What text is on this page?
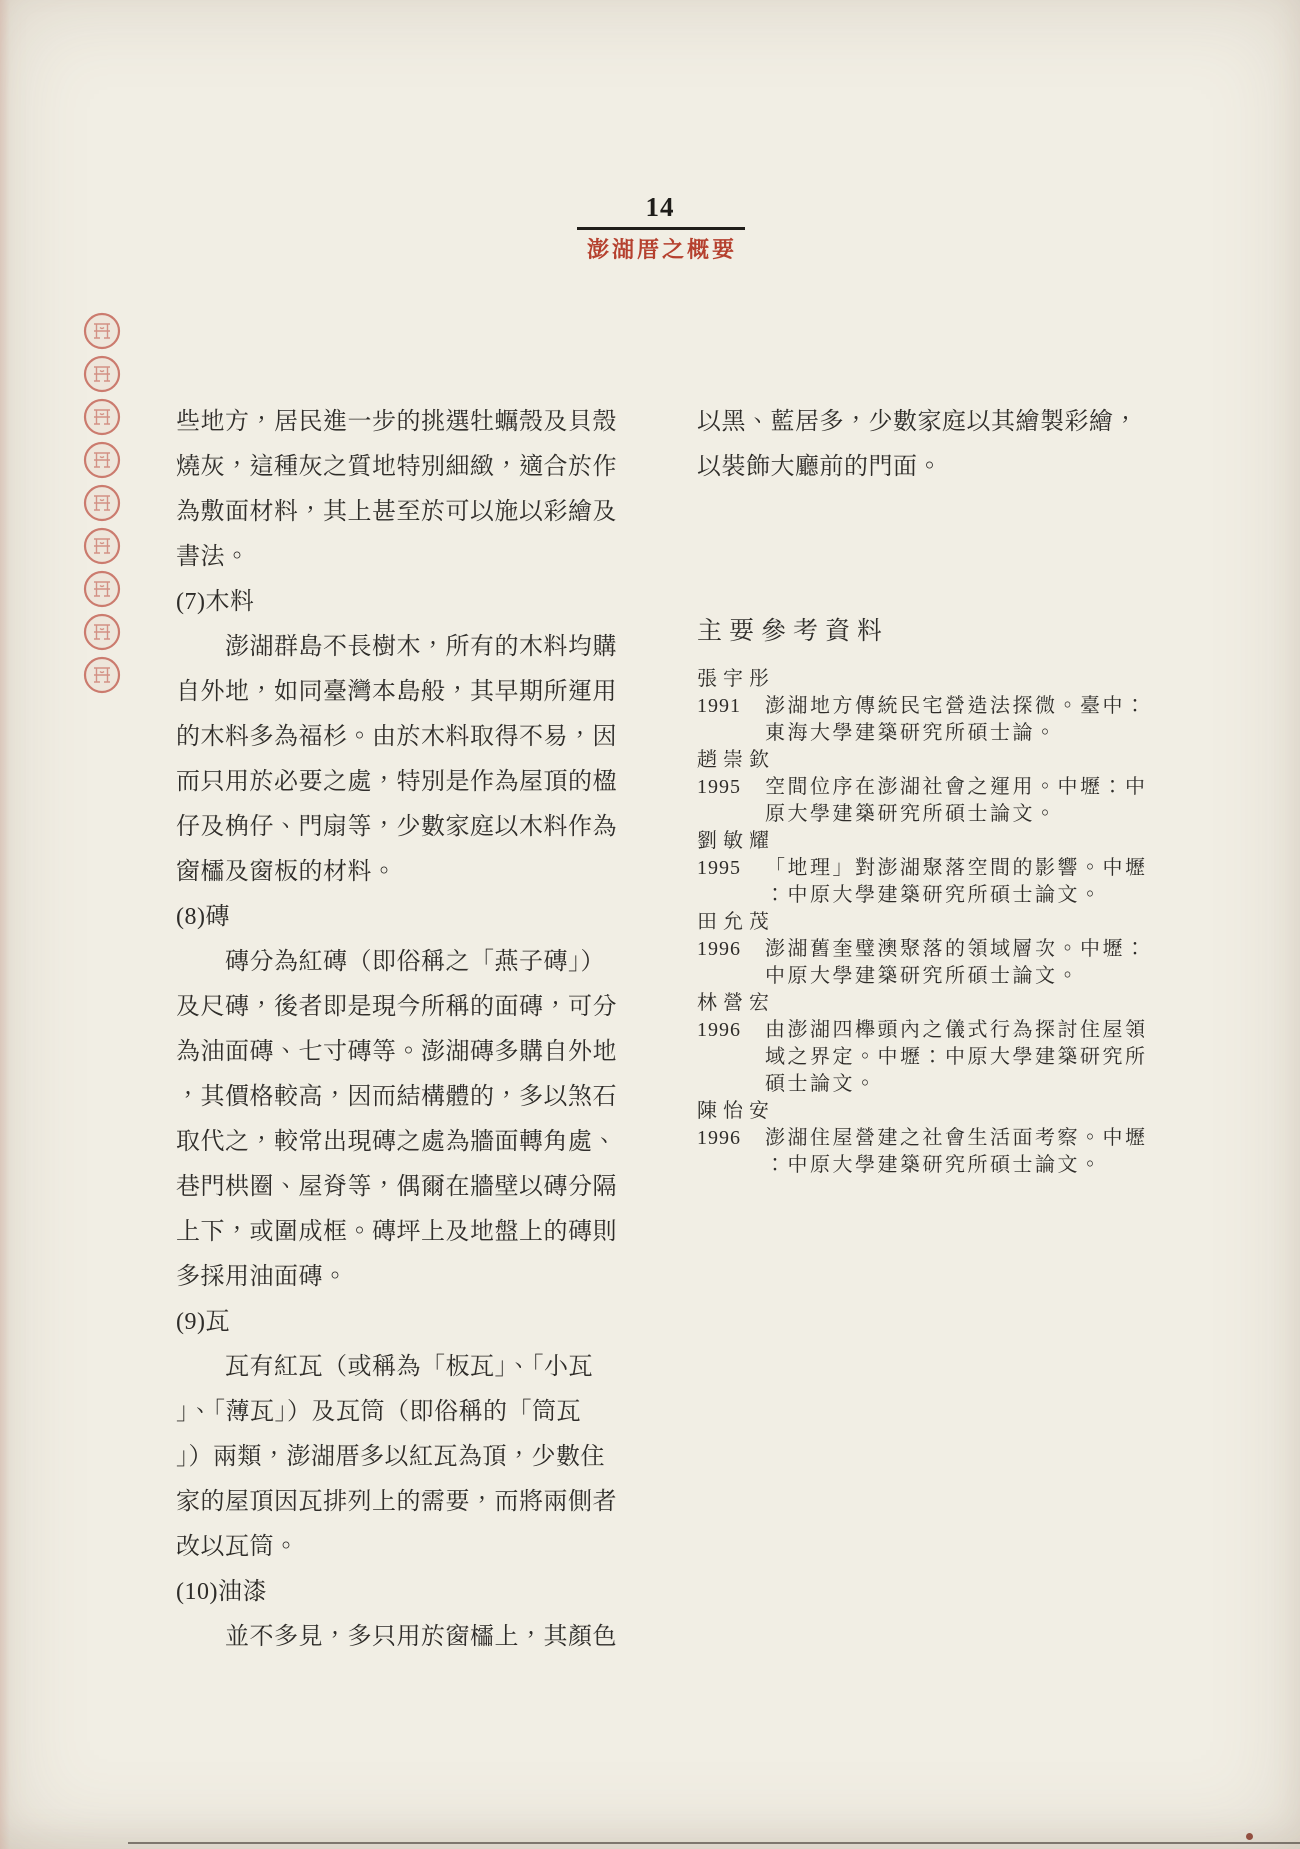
14
澎湖厝之概要
些地方，居民進一步的挑選牡蠣殼及貝殼
燒灰，這種灰之質地特別細緻，適合於作
為敷面材料，其上甚至於可以施以彩繪及
書法。
(7)木料
　　澎湖群島不長樹木，所有的木料均購
自外地，如同臺灣本島般，其早期所運用
的木料多為福杉。由於木料取得不易，因
而只用於必要之處，特別是作為屋頂的楹
仔及桷仔、門扇等，少數家庭以木料作為
窗櫺及窗板的材料。
(8)磚
　　磚分為紅磚（即俗稱之「燕子磚」）
及尺磚，後者即是現今所稱的面磚，可分
為油面磚、七寸磚等。澎湖磚多購自外地
，其價格較高，因而結構體的，多以煞石
取代之，較常出現磚之處為牆面轉角處、
巷門栱圈、屋脊等，偶爾在牆壁以磚分隔
上下，或圍成框。磚坪上及地盤上的磚則
多採用油面磚。
(9)瓦
　　瓦有紅瓦（或稱為「板瓦」、「小瓦
」、「薄瓦」）及瓦筒（即俗稱的「筒瓦
」）兩類，澎湖厝多以紅瓦為頂，少數住
家的屋頂因瓦排列上的需要，而將兩側者
改以瓦筒。
(10)油漆
　　並不多見，多只用於窗櫺上，其顏色
以黑、藍居多，少數家庭以其繪製彩繪，
以裝飾大廳前的門面。
主要參考資料
張宇彤
1991	澎湖地方傳統民宅營造法探微。臺中：
東海大學建築研究所碩士論。
趙崇欽
1995	空間位序在澎湖社會之運用。中壢：中
原大學建築研究所碩士論文。
劉敏耀
1995	「地理」對澎湖聚落空間的影響。中壢
：中原大學建築研究所碩士論文。
田允茂
1996	澎湖舊奎璧澳聚落的領域層次。中壢：
中原大學建築研究所碩士論文。
林營宏
1996	由澎湖四櫸頭內之儀式行為探討住屋領
域之界定。中壢：中原大學建築研究所
碩士論文。
陳怡安
1996	澎湖住屋營建之社會生活面考察。中壢
：中原大學建築研究所碩士論文。
